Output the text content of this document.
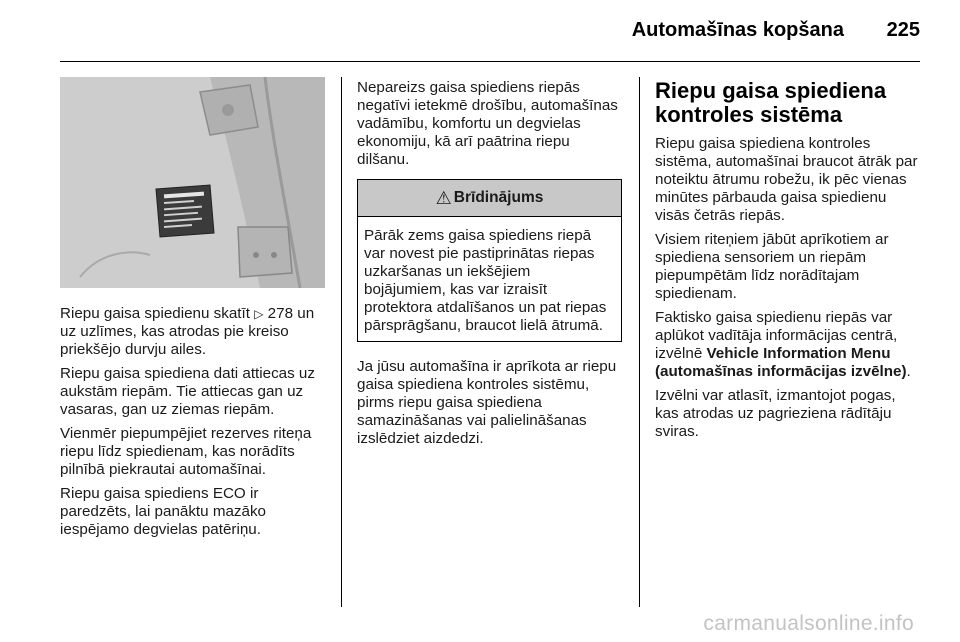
Automašīnas kopšana 225

Riepu gaisa spiedienu skatīt ▷ 278 un uz uzlīmes, kas atrodas pie kreiso priekšējo durvju ailes.

Riepu gaisa spiediena dati attiecas uz aukstām riepām. Tie attiecas gan uz vasaras, gan uz ziemas riepām.

Vienmēr piepumpējiet rezerves riteņa riepu līdz spiedienam, kas norādīts pilnībā piekrautai automašīnai.

Riepu gaisa spiediens ECO ir paredzēts, lai panāktu mazāko iespējamo degvielas patēriņu.

Nepareizs gaisa spiediens riepās negatīvi ietekmē drošību, automašīnas vadāmību, komfortu un degvielas ekonomiju, kā arī paātrina riepu dilšanu.

⚠ Brīdinājums

Pārāk zems gaisa spiediens riepā var novest pie pastiprinātas riepas uzkaršanas un iekšējiem bojājumiem, kas var izraisīt protektora atdalīšanos un pat riepas pārsprāgšanu, braucot lielā ātrumā.

Ja jūsu automašīna ir aprīkota ar riepu gaisa spiediena kontroles sistēmu, pirms riepu gaisa spiediena samazināšanas vai palielināšanas izslēdziet aizdedzi.

Riepu gaisa spiediena kontroles sistēma

Riepu gaisa spiediena kontroles sistēma, automašīnai braucot ātrāk par noteiktu ātrumu robežu, ik pēc vienas minūtes pārbauda gaisa spiedienu visās četrās riepās.

Visiem riteņiem jābūt aprīkotiem ar spiediena sensoriem un riepām piepumpētām līdz norādītajam spiedienam.

Faktisko gaisa spiedienu riepās var aplūkot vadītāja informācijas centrā, izvēlnē Vehicle Information Menu (automašīnas informācijas izvēlne).

Izvēlni var atlasīt, izmantojot pogas, kas atrodas uz pagrieziena rādītāju sviras.

carmanualsonline.info
